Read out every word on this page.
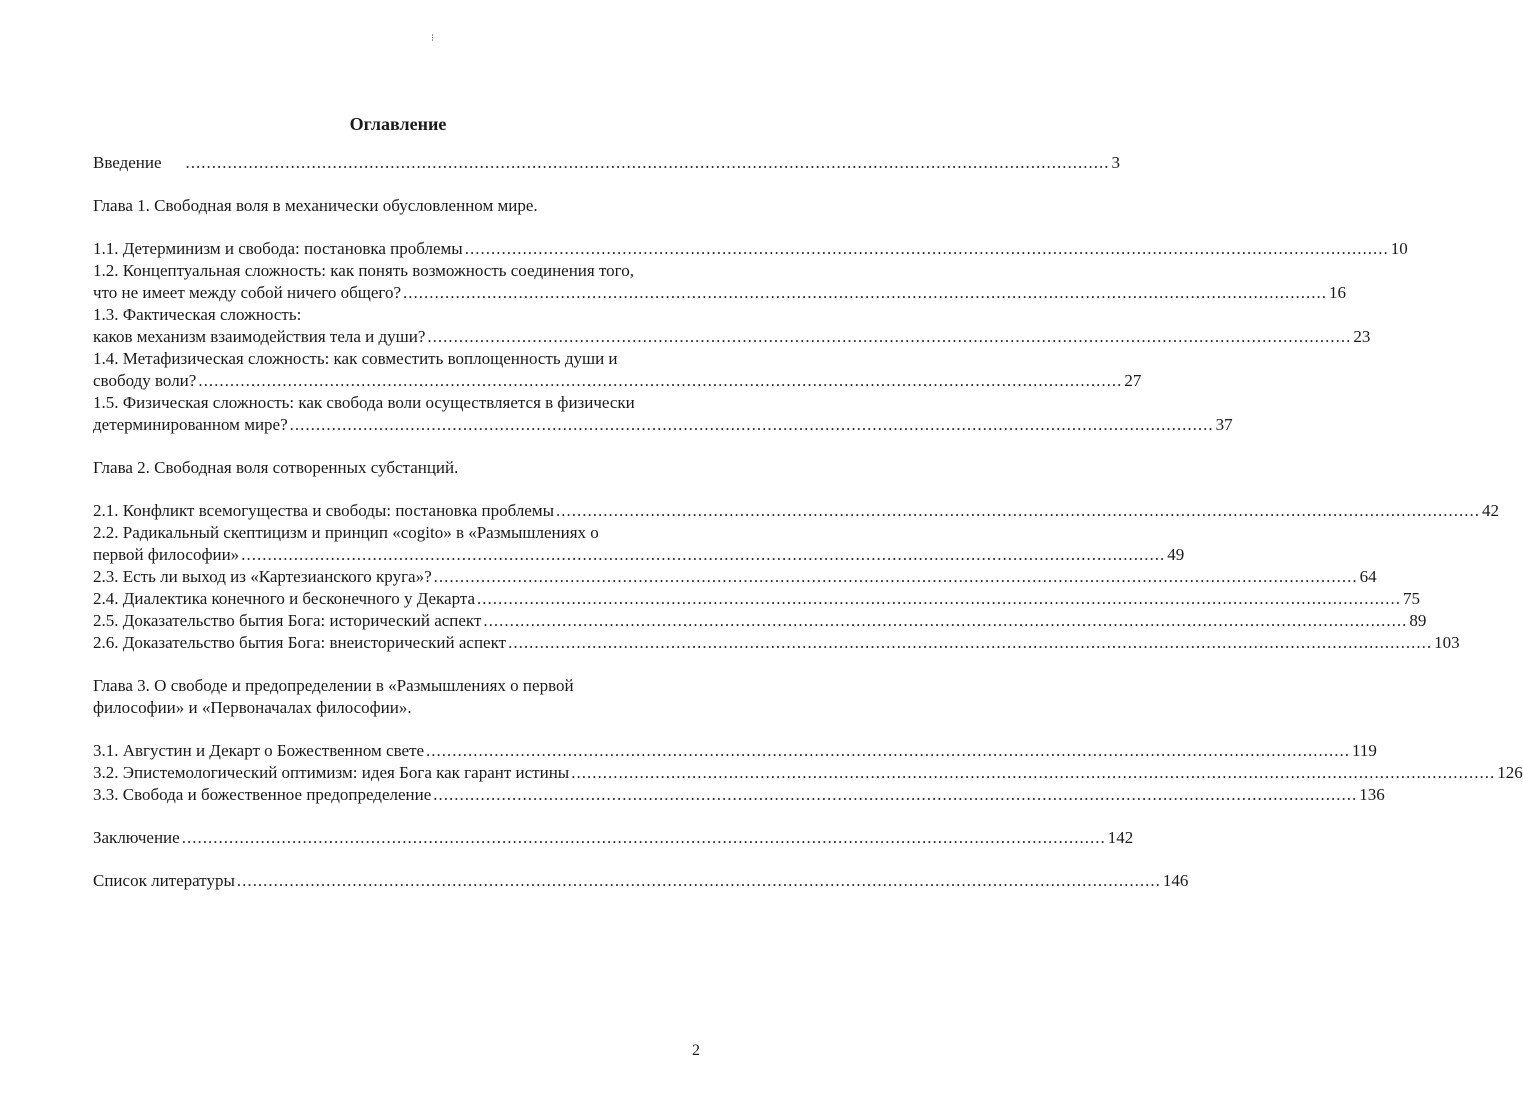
⁝
Оглавление
Введение ................................................................................................................................................................................ 3
Глава 1. Свободная воля в механически обусловленном мире.
1.1. Детерминизм и свобода: постановка проблемы ................................................................................................................................................................................ 10
1.2. Концептуальная сложность: как понять возможность соединения того,
что не имеет между собой ничего общего? ................................................................................................................................................................................ 16
1.3. Фактическая сложность:
каков механизм взаимодействия тела и души? ................................................................................................................................................................................ 23
1.4. Метафизическая сложность: как совместить воплощенность души и
свободу воли? ................................................................................................................................................................................ 27
1.5. Физическая сложность: как свобода воли осуществляется в физически
детерминированном мире? ................................................................................................................................................................................ 37
Глава 2. Свободная воля сотворенных субстанций.
2.1. Конфликт всемогущества и свободы: постановка проблемы ................................................................................................................................................................................ 42
2.2. Радикальный скептицизм и принцип «cogito» в «Размышлениях о
первой философии» ................................................................................................................................................................................ 49
2.3. Есть ли выход из «Картезианского круга»? ................................................................................................................................................................................ 64
2.4. Диалектика конечного и бесконечного у Декарта ................................................................................................................................................................................ 75
2.5. Доказательство бытия Бога: исторический аспект ................................................................................................................................................................................ 89
2.6. Доказательство бытия Бога: внеисторический аспект ................................................................................................................................................................................ 103
Глава 3. О свободе и предопределении в «Размышлениях о первой
философии» и «Первоначалах философии».
3.1. Августин и Декарт о Божественном свете ................................................................................................................................................................................ 119
3.2. Эпистемологический оптимизм: идея Бога как гарант истины ................................................................................................................................................................................ 126
3.3. Свобода и божественное предопределение ................................................................................................................................................................................ 136
Заключение ................................................................................................................................................................................ 142
Список литературы ................................................................................................................................................................................ 146
2
